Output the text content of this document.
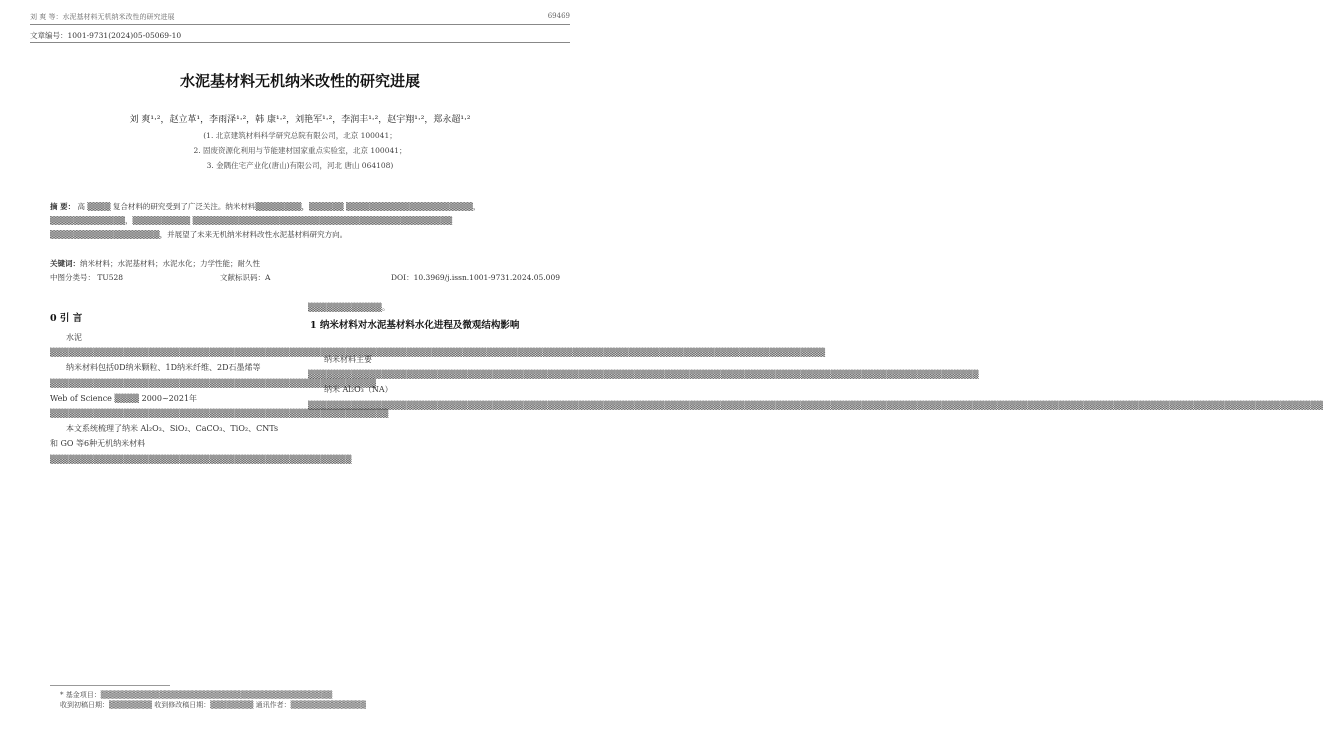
刘 爽 等：水泥基材料无机纳米改性的研究进展	69469
文章编号：1001-9731(2024)05-05069-10
水泥基材料无机纳米改性的研究进展
刘 爽¹·²，赵立革¹，李雨泽¹·²，韩 康¹·²，刘艳军¹·²，李润丰¹·²，赵宇翔¹·²，郑永超¹·²
(1. 北京建筑材料科学研究总院有限公司，北京 100041；
2. 固废资源化利用与节能建材国家重点实验室，北京 100041；
3. 金隅住宅产业化(唐山)有限公司，河北 唐山 064108)
摘 要： 高 ▒▒▒▒ 复合材料的研究受到了广泛关注。纳米材料▒▒▒▒▒▒▒▒，▒▒▒▒▒▒ ▒▒▒▒▒▒▒▒▒▒▒▒▒▒▒▒▒▒▒▒▒▒，▒▒▒▒▒▒▒▒▒▒▒▒▒，▒▒▒▒▒▒▒▒▒▒ ▒▒▒▒▒▒▒▒▒▒▒▒▒▒▒▒▒▒▒▒▒▒▒▒▒▒▒▒▒▒▒▒▒▒▒▒▒▒▒▒▒▒▒▒▒ ▒▒▒▒▒▒▒▒▒▒▒▒▒▒▒▒▒▒▒，并展望了未来无机纳米材料改性水泥基材料研究方向。
关键词：纳米材料；水泥基材料；水泥水化；力学性能；耐久性
中图分类号： TU528	文献标识码：A	DOI：10.3969/j.issn.1001-9731.2024.05.009
0 引 言

水泥▒▒▒▒▒▒▒▒▒▒▒▒▒▒▒▒▒▒▒▒▒▒▒▒▒▒▒▒▒▒▒▒▒▒▒▒▒▒▒▒▒▒▒▒▒▒▒▒▒▒▒▒▒▒▒▒▒▒▒▒▒▒▒▒▒▒▒▒▒▒▒▒▒▒▒▒▒▒▒▒▒▒▒▒▒▒▒▒▒▒▒▒▒▒▒▒▒▒▒▒▒▒▒▒▒▒▒▒▒▒▒▒▒▒▒▒▒▒▒▒▒▒▒▒▒▒

纳米材料包括0D纳米颗粒、1D纳米纤维、2D石墨烯等▒▒▒▒▒▒▒▒▒▒▒▒▒▒▒▒▒▒▒▒▒▒▒▒▒▒▒▒▒▒▒▒▒▒▒▒▒▒▒▒▒▒▒▒▒▒▒▒▒▒▒▒▒ Web of Science ▒▒▒▒ 2000~2021年 ▒▒▒▒▒▒▒▒▒▒▒▒▒▒▒▒▒▒▒▒▒▒▒▒▒▒▒▒▒▒▒▒▒▒▒▒▒▒▒▒▒▒▒▒▒▒▒▒▒▒▒▒▒▒▒

本文系统梳理了纳米 Al₂O₃、SiO₂、CaCO₃、TiO₂、CNTs 和 GO 等6种无机纳米材料▒▒▒▒▒▒▒▒▒▒▒▒▒▒▒▒▒▒▒▒▒▒▒▒▒▒▒▒▒▒▒▒▒▒▒▒▒▒▒▒▒▒▒▒▒▒▒▒▒

▒▒▒▒▒▒▒▒▒▒▒▒。
1 纳米材料对水泥基材料水化进程及微观结构影响

纳米材料主要▒▒▒▒▒▒▒▒▒▒▒▒▒▒▒▒▒▒▒▒▒▒▒▒▒▒▒▒▒▒▒▒▒▒▒▒▒▒▒▒▒▒▒▒▒▒▒▒▒▒▒▒▒▒▒▒▒▒▒▒▒▒▒▒▒▒▒▒▒▒▒▒▒▒▒▒▒▒▒▒▒▒▒▒▒▒▒▒▒▒▒▒▒▒▒▒▒▒▒▒▒▒▒▒▒▒▒▒▒

纳米 Al₂O₃（NA）▒▒▒▒▒▒▒▒▒▒▒▒▒▒▒▒▒▒▒▒▒▒▒▒▒▒▒▒▒▒▒▒▒▒▒▒▒▒▒▒▒▒▒▒▒▒▒▒▒▒▒▒▒▒▒▒▒▒▒▒▒▒▒▒▒▒▒▒▒▒▒▒▒▒▒▒▒▒▒▒▒▒▒▒▒▒▒▒▒▒▒▒▒▒▒▒▒▒▒▒▒▒▒▒▒▒▒▒▒▒▒▒▒▒▒▒▒▒▒▒▒▒▒▒▒▒▒▒▒▒▒▒▒▒▒▒▒▒▒▒▒▒▒▒▒▒▒▒▒▒▒▒▒▒▒▒▒▒▒▒▒▒▒▒▒

* 基金项目：▒▒▒▒▒▒▒▒▒▒▒▒▒▒▒▒▒▒▒▒▒▒▒▒▒▒▒▒▒▒▒▒▒▒▒▒▒▒▒▒▒▒▒
收到初稿日期：▒▒▒▒▒▒▒▒ 收到修改稿日期：▒▒▒▒▒▒▒▒ 通讯作者：▒▒▒▒▒▒▒▒▒▒▒▒▒▒
